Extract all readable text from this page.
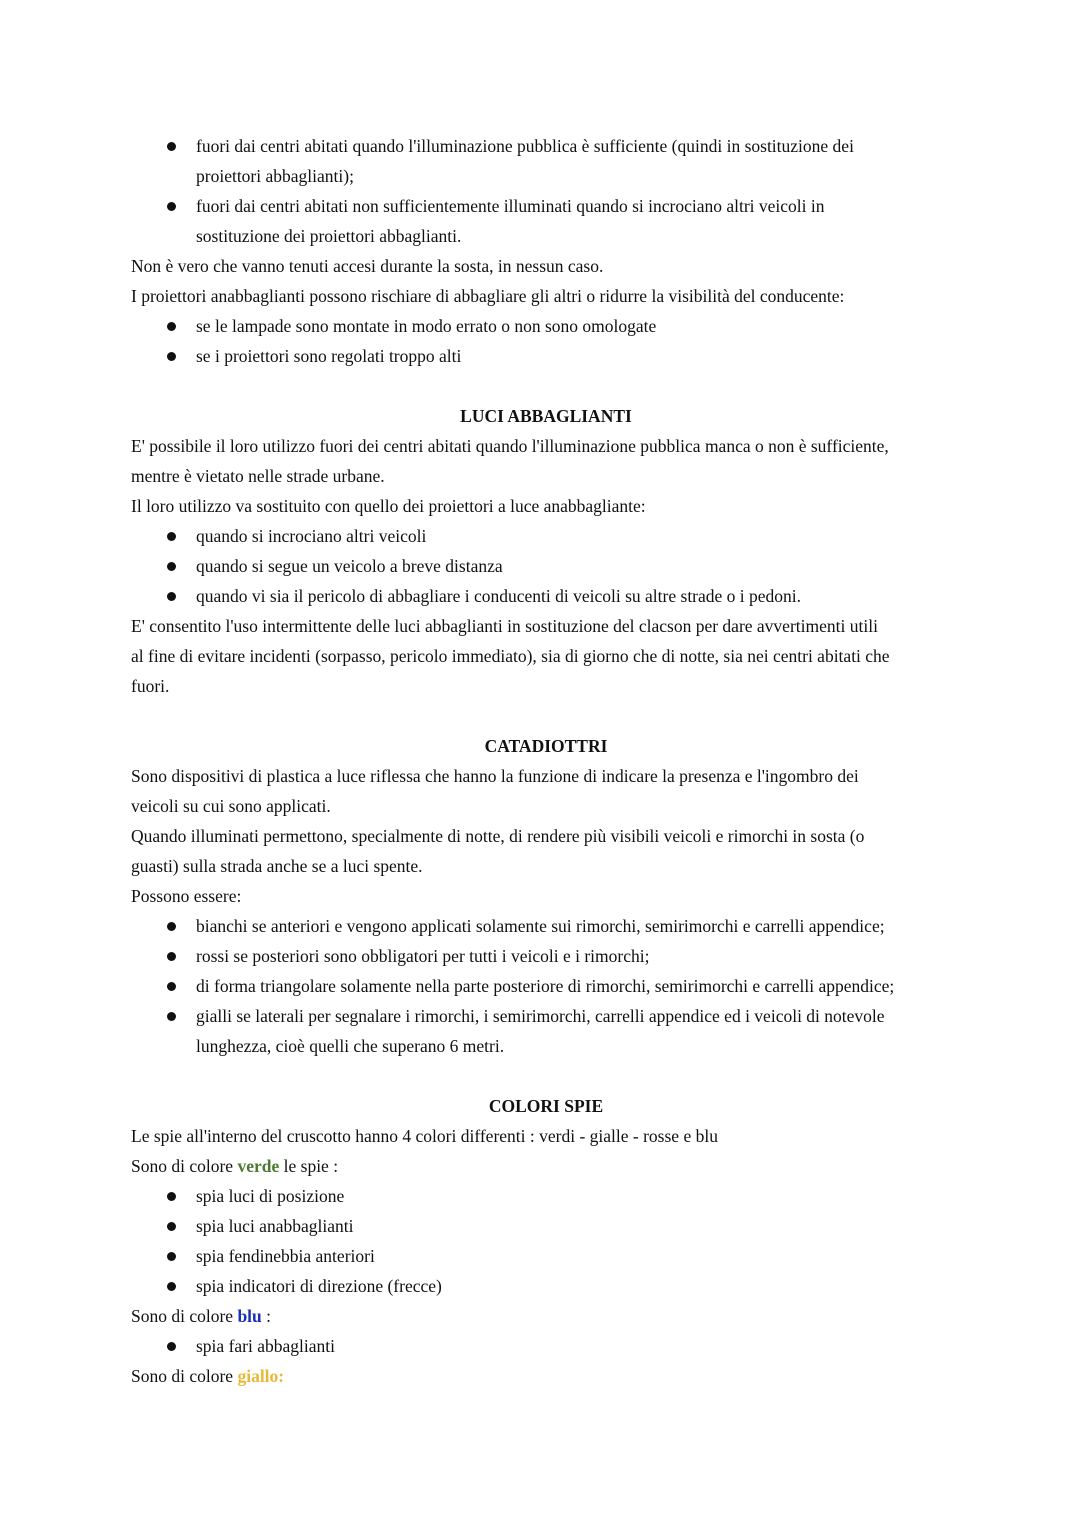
fuori dai centri abitati quando l'illuminazione pubblica è sufficiente (quindi in sostituzione dei
proiettori abbaglianti);
fuori dai centri abitati non sufficientemente illuminati quando si incrociano altri veicoli in
sostituzione dei proiettori abbaglianti.

Non è vero che vanno tenuti accesi durante la sosta, in nessun caso.

I proiettori anabbaglianti possono rischiare di abbagliare gli altri o ridurre la visibilità del conducente:

se le lampade sono montate in modo errato o non sono omologate
se i proiettori sono regolati troppo alti
LUCI ABBAGLIANTI

E' possibile il loro utilizzo fuori dei centri abitati quando l'illuminazione pubblica manca o non è sufficiente,

mentre è vietato nelle strade urbane.

Il loro utilizzo va sostituito con quello dei proiettori a luce anabbagliante:

quando si incrociano altri veicoli
quando si segue un veicolo a breve distanza
quando vi sia il pericolo di abbagliare i conducenti di veicoli su altre strade o i pedoni.

E' consentito l'uso intermittente delle luci abbaglianti in sostituzione del clacson per dare avvertimenti utili

al fine di evitare incidenti (sorpasso, pericolo immediato), sia di giorno che di notte, sia nei centri abitati che

fuori.

CATADIOTTRI

Sono dispositivi di plastica a luce riflessa che hanno la funzione di indicare la presenza e l'ingombro dei

veicoli su cui sono applicati.

Quando illuminati permettono, specialmente di notte, di rendere più visibili veicoli e rimorchi in sosta (o

guasti) sulla strada anche se a luci spente.

Possono essere:

bianchi se anteriori e vengono applicati solamente sui rimorchi, semirimorchi e carrelli appendice;
rossi se posteriori sono obbligatori per tutti i veicoli e i rimorchi;
di forma triangolare solamente nella parte posteriore di rimorchi, semirimorchi e carrelli appendice;
gialli se laterali per segnalare i rimorchi, i semirimorchi, carrelli appendice ed i veicoli di notevole
lunghezza, cioè quelli che superano 6 metri.
COLORI SPIE

Le spie all'interno del cruscotto hanno 4 colori differenti : verdi - gialle - rosse e blu

Sono di colore verde le spie :

spia luci di posizione
spia luci anabbaglianti
spia fendinebbia anteriori
spia indicatori di direzione (frecce)

Sono di colore blu :

spia fari abbaglianti

Sono di colore giallo:
